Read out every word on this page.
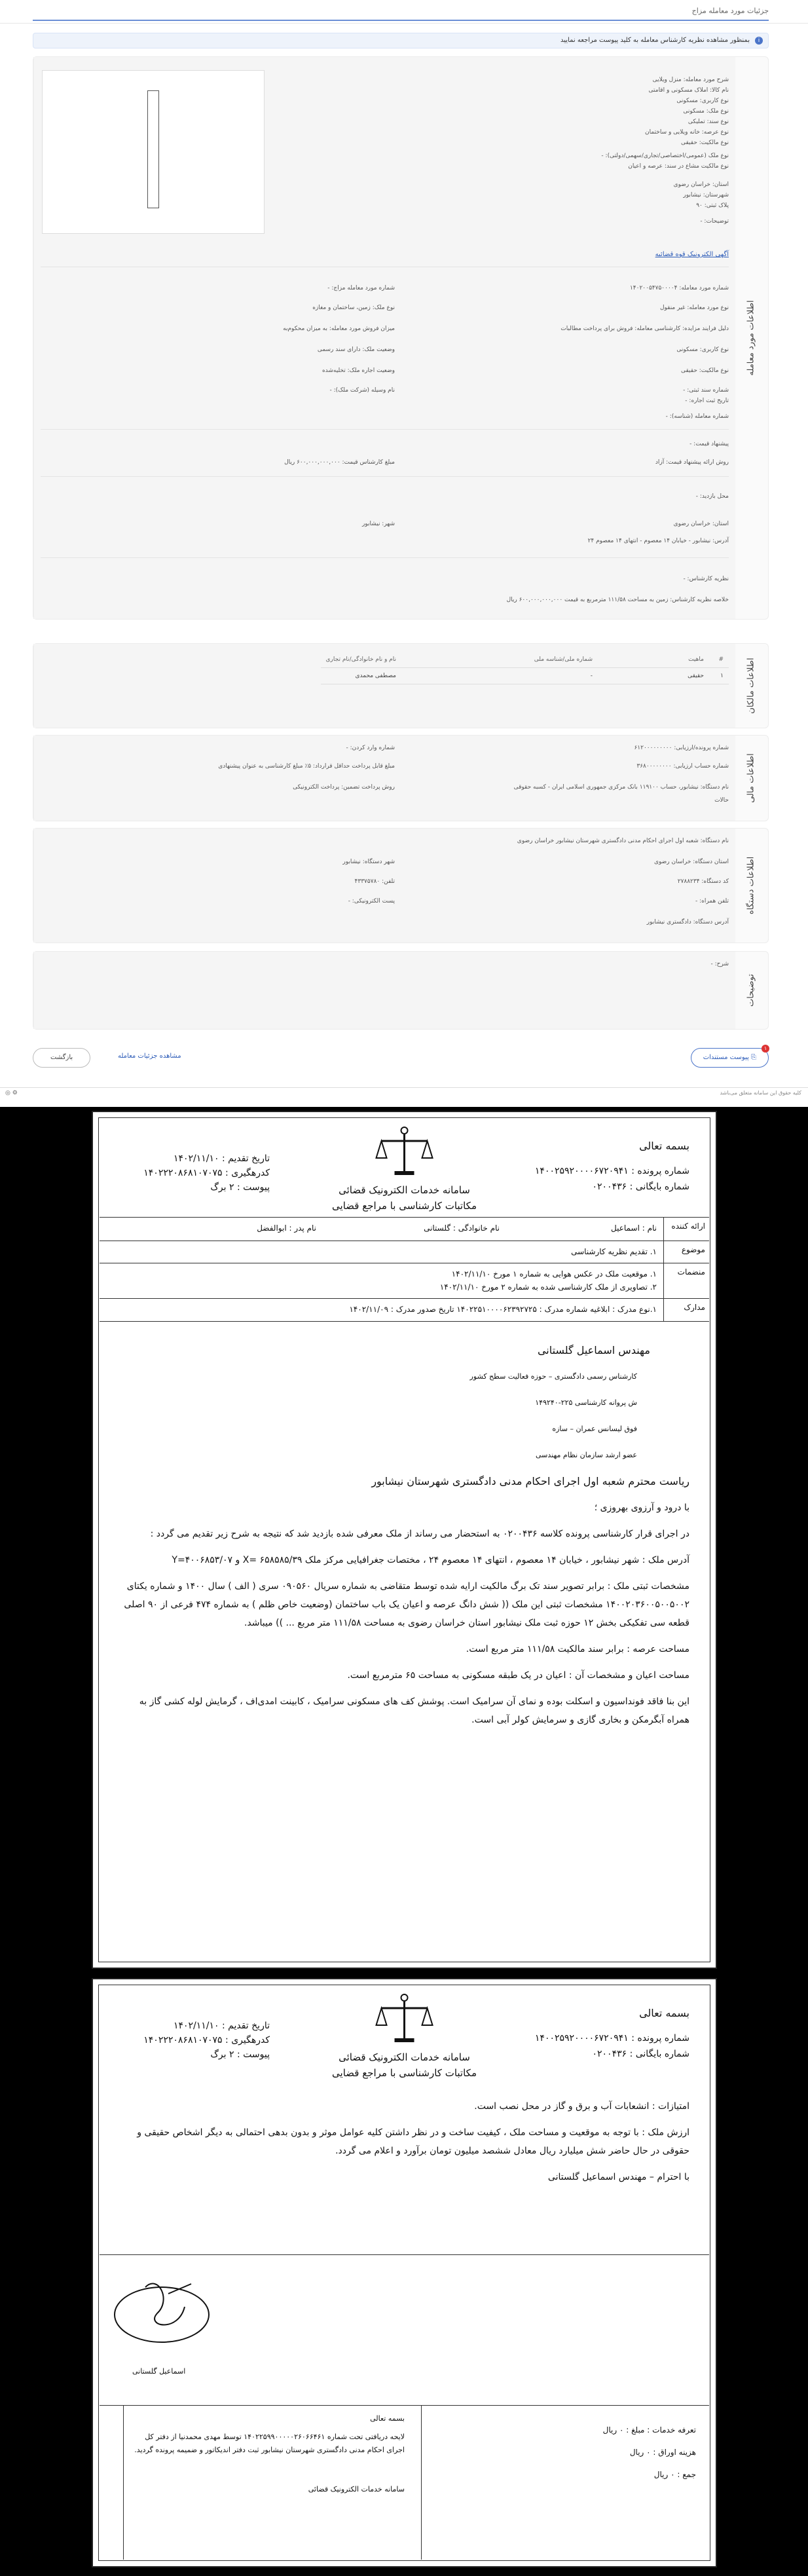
جزئیات مورد معامله مزاج
i
بمنظور مشاهده نظریه کارشناس معامله به کلید پیوست مراجعه نمایید
اطلاعات مورد معامله
شرح مورد معامله: منزل ویلایی
نام کالا: املاک مسکونی و اقامتی
نوع کاربری: مسکونی
نوع ملک: مسکونی
نوع سند: تملیکی
نوع عرصه: خانه ویلایی و ساختمان
نوع مالکیت: حقیقی
نوع ملک (عمومی/اختصاصی/تجاری/سهمی/دولتی): -
نوع مالکیت مشاع در سند: عرصه و اعیان
استان: خراسان رضوی
شهرستان: نیشابور
پلاک ثبتی: ۹۰
توضیحات: -
آگهی الکترونیک قوه قضائیه
شماره مورد معامله: ۱۴۰۲۰۰۵۴۷۵۰۰۰۰۴
شماره مورد معامله مزاج: -
نوع مورد معامله: غیر منقول
نوع ملک: زمین، ساختمان و مغازه
دلیل فرایند مزایده: کارشناسی معامله: فروش برای پرداخت مطالبات
میزان فروش مورد معامله: به میزان محکوم‌به
نوع کاربری: مسکونی
وضعیت ملک: دارای سند رسمی
نوع مالکیت: حقیقی
وضعیت اجاره ملک: تخلیه‌شده
شماره سند ثبتی: -
نام وسیله (شرکت ملک): -
تاریخ ثبت اجاره: -
شماره معامله (شناسه): -
پیشنهاد قیمت: -
روش ارائه پیشنهاد قیمت: آزاد
مبلغ کارشناس قیمت: ۶۰۰,۰۰۰,۰۰۰,۰۰۰ ریال
محل بازدید: -
استان: خراسان رضوی
شهر: نیشابور
آدرس: نیشابور - خیابان ۱۴ معصوم - انتهای ۱۴ معصوم ۲۴
نظریه کارشناس: -
خلاصه نظریه کارشناس: زمین به مساحت ۱۱۱/۵۸ مترمربع به قیمت ۶۰۰,۰۰۰,۰۰۰,۰۰۰ ریال
اطلاعات مالکان
#	ماهیت	شماره ملی/شناسه ملی	نام و نام خانوادگی/نام تجاری
۱	حقیقی	-	مصطفی محمدی
اطلاعات مالی
شماره پرونده/ارزیابی: ۶۱۲۰۰۰۰۰۰۰۰۰
شماره حساب ارزیابی: ۳۶۸۰۰۰۰۰۰۰۰
نام دستگاه: نیشابور، حساب ۱۱۹۱۰۰ بانک مرکزی جمهوری اسلامی ایران - کسبه حقوقی
حالات
شماره وارد کردن: -
مبلغ قابل پرداخت حداقل قرارداد: ۵٪ مبلغ کارشناسی به عنوان پیشنهادی
روش پرداخت تضمین: پرداخت الکترونیکی
اطلاعات دستگاه
نام دستگاه: شعبه اول اجرای احکام مدنی دادگستری شهرستان نیشابور خراسان رضوی
استان دستگاه: خراسان رضوی
کد دستگاه: ۲۷۸۸۲۳۴
تلفن همراه: -
آدرس دستگاه: دادگستری نیشابور
شهر دستگاه: نیشابور
تلفن: ۴۳۳۷۵۷۸۰
پست الکترونیکی: -
توضیحات
شرح: -
⎘ پیوست مستندات
۱
بازگشت	مشاهده جزئیات معامله
کلیه حقوق این سامانه متعلق می‌باشد
⚙ ◎
بسمه تعالی
شماره پرونده : ۱۴۰۰۲۵۹۲۰۰۰۰۶۷۲۰۹۴۱
شماره بایگانی : ۰۲۰۰۴۳۶
سامانه خدمات الکترونیک قضائی
مکاتبات کارشناسی با مراجع قضایی
تاریخ تقدیم : ۱۴۰۲/۱۱/۱۰
کدرهگیری : ۱۴۰۲۲۲۰۸۶۸۱۰۷۰۷۵
پیوست : ۲ برگ
ارائه کننده
نام : اسماعیل
نام خانوادگی : گلستانی
نام پدر : ابوالفضل
موضوع
۱. تقدیم نظریه کارشناسی
منضمات
۱. موقعیت ملک در عکس هوایی به شماره ۱ مورخ ۱۴۰۲/۱۱/۱۰
۲. تصاویری از ملک کارشناسی شده به شماره ۲ مورخ ۱۴۰۲/۱۱/۱۰
مدارک
۱.نوع مدرک : ابلاغیه شماره مدرک : ۱۴۰۲۲۵۱۰۰۰۰۶۲۳۹۲۷۲۵ تاریخ صدور مدرک : ۱۴۰۲/۱۱/۰۹

مهندس اسماعیل گلستانی

کارشناس رسمی دادگستری – حوزه فعالیت سطح کشور

ش پروانه کارشناسی ۲۲۵-۱۴۹۲۴۰

فوق لیسانس عمران – سازه

عضو ارشد سازمان نظام مهندسی

ریاست محترم شعبه اول اجرای احکام مدنی دادگستری شهرستان نیشابور

با درود و آرزوی بهروزی ؛

در اجرای قرار کارشناسی پرونده کلاسه ۰۲۰۰۴۳۶ به استحضار می رساند از ملک معرفی شده بازدید شد که نتیجه به شرح زیر تقدیم می گردد :

آدرس ملک : شهر نیشابور ، خیابان ۱۴ معصوم ، انتهای ۱۴ معصوم ۲۴ ، مختصات جغرافیایی مرکز ملک ۶۵۸۵۸۵/۳۹ =X و Y=۴۰۰۶۸۵۳/۰۷

مشخصات ثبتی ملک : برابر تصویر سند تک برگ مالکیت ارایه شده توسط متقاضی به شماره سریال ۰۹۰۵۶۰ سری ( الف ) سال ۱۴۰۰ و شماره یکتای ۱۴۰۰۲۰۳۶۰۰۵۰۰۵۰۰۲ مشخصات ثبتی این ملک (( شش دانگ عرصه و اعیان یک باب ساختمان (وضعیت خاص ظلم ) به شماره ۴۷۴ فرعی از ۹۰ اصلی قطعه سی تفکیکی بخش ۱۲ حوزه ثبت ملک نیشابور استان خراسان رضوی به مساحت ۱۱۱/۵۸ متر مربع ... )) میباشد.

مساحت عرصه : برابر سند مالکیت ۱۱۱/۵۸ متر مربع است.

مساحت اعیان و مشخصات آن : اعیان در یک طبقه مسکونی به مساحت ۶۵ مترمربع است.

این بنا فاقد فونداسیون و اسکلت بوده و نمای آن سرامیک است. پوشش کف های مسکونی سرامیک ، کابینت امدی‌اف ، گرمایش لوله کشی گاز به همراه آبگرمکن و بخاری گازی و سرمایش کولر آبی است.

بسمه تعالی
شماره پرونده : ۱۴۰۰۲۵۹۲۰۰۰۰۶۷۲۰۹۴۱
شماره بایگانی : ۰۲۰۰۴۳۶
سامانه خدمات الکترونیک قضائی
مکاتبات کارشناسی با مراجع قضایی
تاریخ تقدیم : ۱۴۰۲/۱۱/۱۰
کدرهگیری : ۱۴۰۲۲۲۰۸۶۸۱۰۷۰۷۵
پیوست : ۲ برگ

امتیازات : انشعابات آب و برق و گاز در محل نصب است.

ارزش ملک : با توجه به موقعیت و مساحت ملک ، کیفیت ساخت و در نظر داشتن کلیه عوامل موثر و بدون بدهی احتمالی به دیگر اشخاص حقیقی و حقوقی در حال حاضر شش میلیارد ریال معادل ششصد میلیون تومان برآورد و اعلام می گردد.

با احترام – مهندس اسماعیل گلستانی

اسماعیل گلستانی
تعرفه خدمات : مبلغ : ۰ ریال
هزینه اوراق : ۰ ریال
جمع : ۰ ریال
بسمه تعالی
لایحه دریافتی تحت شماره ۱۴۰۲۲۵۹۹۰۰۰۰۰۲۶۰۶۶۴۶۱ توسط مهدی محمدنیا از دفتر کل اجرای احکام مدنی دادگستری شهرستان نیشابور ثبت دفتر اندیکاتور و ضمیمه پرونده گردید.
سامانه خدمات الکترونیک قضائی
